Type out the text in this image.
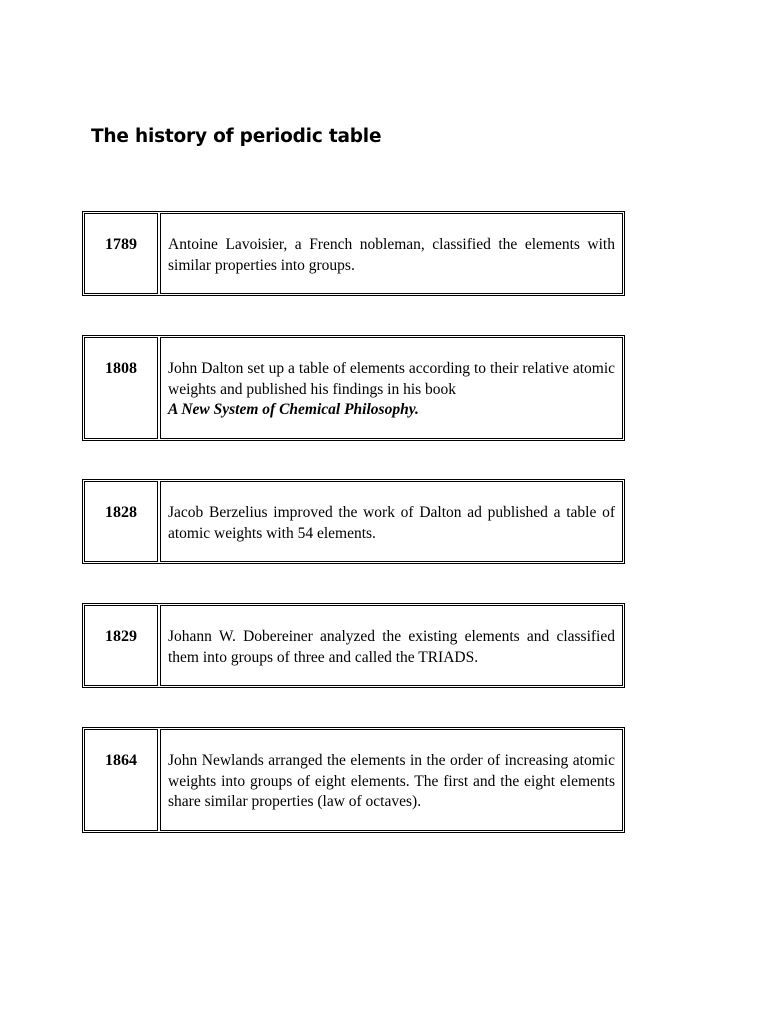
The history of periodic table
1789	Antoine Lavoisier, a French nobleman, classified the elements with similar properties into groups.
1808	John Dalton set up a table of elements according to their relative atomic weights and published his findings in his book
A New System of Chemical Philosophy.
1828	Jacob Berzelius improved the work of Dalton ad published a table of atomic weights with 54 elements.
1829	Johann W. Dobereiner analyzed the existing elements and classified them into groups of three and called the TRIADS.
1864	John Newlands arranged the elements in the order of increasing atomic weights into groups of eight elements. The first and the eight elements share similar properties (law of octaves).
